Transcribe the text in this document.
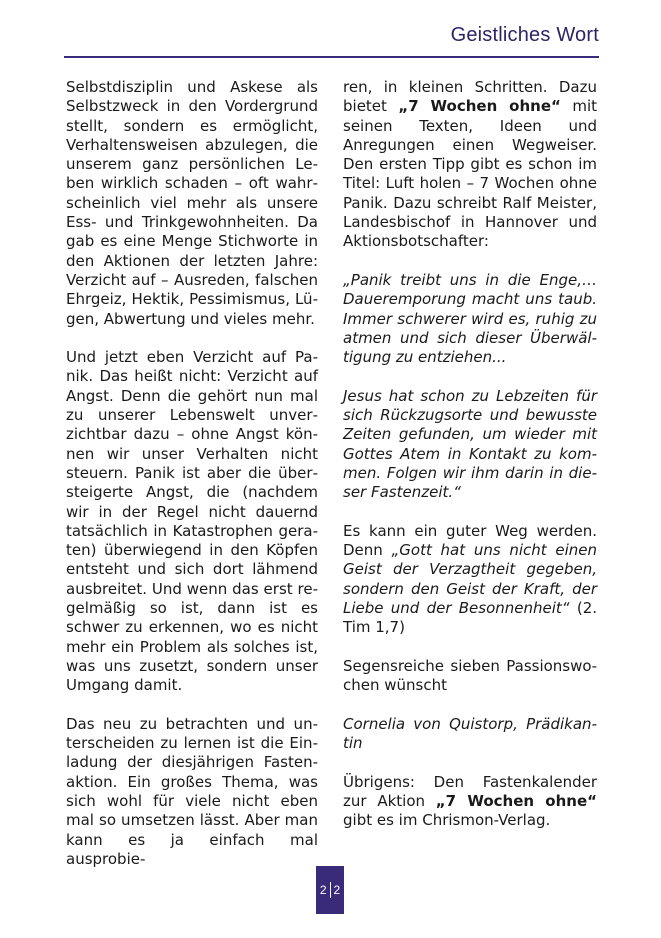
Geistliches Wort

Selbstdisziplin und Askese als Selbstzweck in den Vordergrund stellt, sondern es ermöglicht, Verhaltensweisen abzulegen, die unserem ganz persönlichen Leben wirklich schaden – oft wahrscheinlich viel mehr als unsere Ess- und Trinkgewohnheiten. Da gab es eine Menge Stichworte in den Aktionen der letzten Jahre: Verzicht auf – Ausreden, falschen Ehrgeiz, Hektik, Pessimismus, Lügen, Abwertung und vieles mehr.

Und jetzt eben Verzicht auf Panik. Das heißt nicht: Verzicht auf Angst. Denn die gehört nun mal zu unserer Lebenswelt unverzichtbar dazu – ohne Angst können wir unser Verhalten nicht steuern. Panik ist aber die übersteigerte Angst, die (nachdem wir in der Regel nicht dauernd tatsächlich in Katastrophen geraten) überwiegend in den Köpfen entsteht und sich dort lähmend ausbreitet. Und wenn das erst regelmäßig so ist, dann ist es schwer zu erkennen, wo es nicht mehr ein Problem als solches ist, was uns zusetzt, sondern unser Umgang damit.

Das neu zu betrachten und unterscheiden zu lernen ist die Einladung der diesjährigen Fastenaktion. Ein großes Thema, was sich wohl für viele nicht eben mal so umsetzen lässt. Aber man kann es ja einfach mal ausprobie-

ren, in kleinen Schritten. Dazu bietet „7 Wochen ohne“ mit seinen Texten, Ideen und Anregungen einen Wegweiser. Den ersten Tipp gibt es schon im Titel: Luft holen – 7 Wochen ohne Panik. Dazu schreibt Ralf Meister, Landesbischof in Hannover und Aktionsbotschafter:

„Panik treibt uns in die Enge,… Daueremporung macht uns taub. Immer schwerer wird es, ruhig zu atmen und sich dieser Überwältigung zu entziehen...

Jesus hat schon zu Lebzeiten für sich Rückzugsorte und bewusste Zeiten gefunden, um wieder mit Gottes Atem in Kontakt zu kommen. Folgen wir ihm darin in dieser Fastenzeit.“

Es kann ein guter Weg werden. Denn „Gott hat uns nicht einen Geist der Verzagtheit gegeben, sondern den Geist der Kraft, der Liebe und der Besonnenheit“ (2. Tim 1,7)

Segensreiche sieben Passionswochen wünscht

Cornelia von Quistorp, Prädikantin

Übrigens: Den Fastenkalender zur Aktion „7 Wochen ohne“ gibt es im Chrismon-Verlag.

2 2
